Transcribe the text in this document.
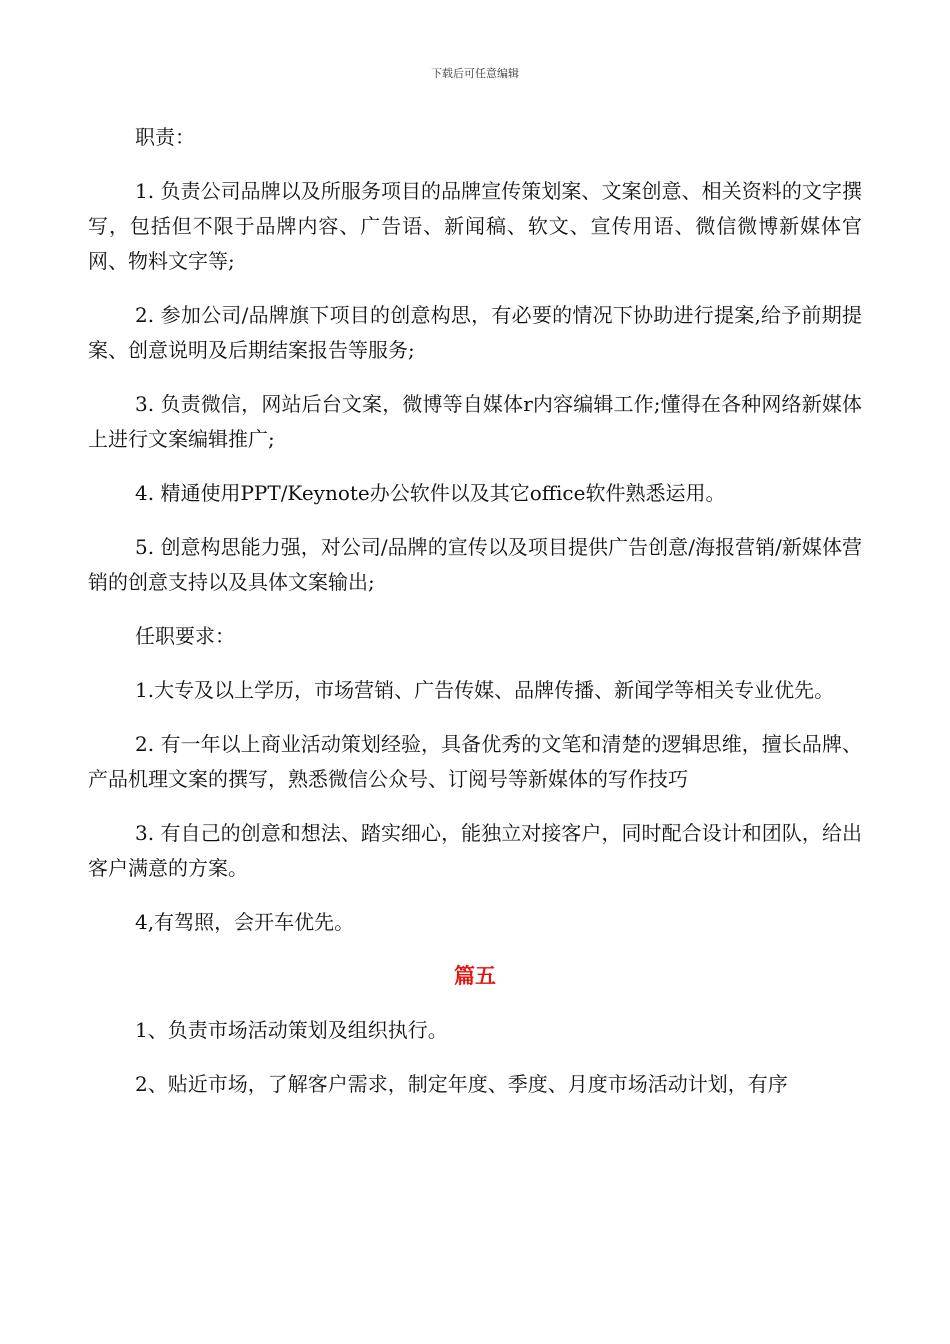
下载后可任意编辑

职责：

1. 负责公司品牌以及所服务项目的品牌宣传策划案、文案创意、相关资料的文字撰写，包括但不限于品牌内容、广告语、新闻稿、软文、宣传用语、微信微博新媒体官网、物料文字等;

2. 参加公司/品牌旗下项目的创意构思，有必要的情况下协助进行提案,给予前期提案、创意说明及后期结案报告等服务;

3. 负责微信，网站后台文案，微博等自媒体r内容编辑工作;懂得在各种网络新媒体上进行文案编辑推广;

4. 精通使用PPT/Keynote办公软件以及其它office软件熟悉运用。

5. 创意构思能力强，对公司/品牌的宣传以及项目提供广告创意/海报营销/新媒体营销的创意支持以及具体文案输出;

任职要求：

1.大专及以上学历，市场营销、广告传媒、品牌传播、新闻学等相关专业优先。

2. 有一年以上商业活动策划经验，具备优秀的文笔和清楚的逻辑思维，擅长品牌、产品机理文案的撰写，熟悉微信公众号、订阅号等新媒体的写作技巧

3. 有自己的创意和想法、踏实细心，能独立对接客户，同时配合设计和团队，给出客户满意的方案。

4,有驾照，会开车优先。

篇五

1、负责市场活动策划及组织执行。

2、贴近市场，了解客户需求，制定年度、季度、月度市场活动计划，有序
